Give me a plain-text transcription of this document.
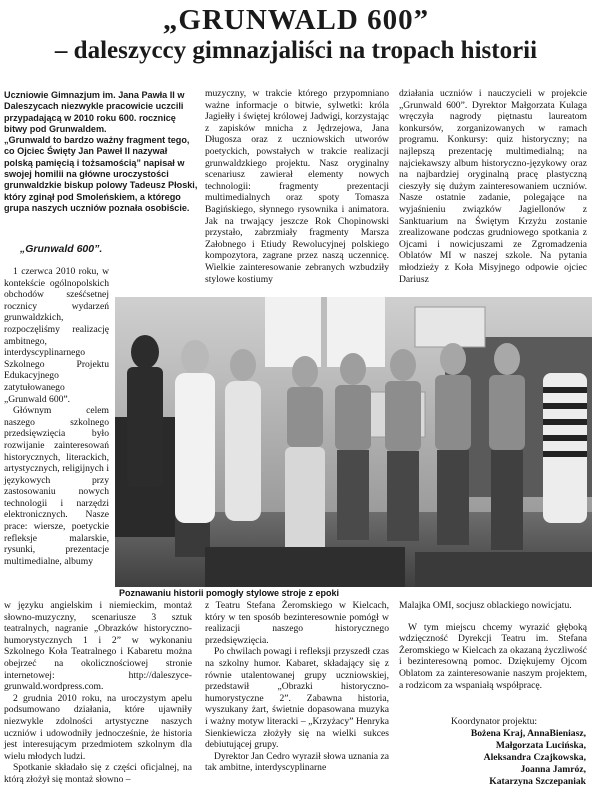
„GRUNWALD 600”

– daleszyccy gimnazjaliści na tropach historii

Uczniowie Gimnazjum im. Jana Pawła II w Daleszycach niezwykle pracowicie uczcili przypadającą w 2010 roku 600. rocznicę bitwy pod Grunwaldem.

„Grunwald to bardzo ważny fragment tego, co Ojciec Święty Jan Paweł II nazywał polską pamięcią i tożsamością” napisał w swojej homilii na główne uroczystości grunwaldzkie biskup polowy Tadeusz Płoski, który zginął pod Smoleńskiem, a którego grupa naszych uczniów poznała osobiście.

„Grunwald 600”.

1 czerwca 2010 roku, w kontekście ogólnopolskich obchodów sześćsetnej rocznicy wydarzeń grunwaldzkich, rozpoczęliśmy realizację ambitnego, interdyscyplinarnego Szkolnego Projektu Edukacyjnego zatytułowanego „Grunwald 600”.

Głównym celem naszego szkolnego przedsięwzięcia było rozwijanie zainteresowań historycznych, literackich, artystycznych, religijnych i językowych przy zastosowaniu nowych technologii i narzędzi elektronicznych. Nasze prace: wiersze, poetyckie refleksje malarskie, rysunki, prezentacje multimedialne, albumy

muzyczny, w trakcie którego przypomniano ważne informacje o bitwie, sylwetki: króla Jagiełły i świętej królowej Jadwigi, korzystając z zapisków mnicha z Jędrzejowa, Jana Długosza oraz z uczniowskich utworów poetyckich, powstałych w trakcie realizacji grunwaldzkiego projektu. Nasz oryginalny scenariusz zawierał elementy nowych technologii: fragmenty prezentacji multimedialnych oraz spoty Tomasza Bagińskiego, słynnego rysownika i animatora. Jak na trwający jeszcze Rok Chopinowski przystało, zabrzmiały fragmenty Marsza Załobnego i Etiudy Rewolucyjnej polskiego kompozytora, zagrane przez naszą uczennicę. Wielkie zainteresowanie zebranych wzbudziły stylowe kostiumy

działania uczniów i nauczycieli w projekcie „Grunwald 600”. Dyrektor Małgorzata Kulaga wręczyła nagrody piętnastu laureatom konkursów, zorganizowanych w ramach programu. Konkursy: quiz historyczny; na najlepszą prezentację multimedialną; na najciekawszy album historyczno-językowy oraz na najbardziej oryginalną pracę plastyczną cieszyły się dużym zainteresowaniem uczniów. Nasze ostatnie zadanie, polegające na wyjaśnieniu związków Jagiellonów z Sanktuarium na Świętym Krzyżu zostanie zrealizowane podczas grudniowego spotkania z Ojcami i nowicjuszami ze Zgromadzenia Oblatów MI w naszej szkole. Na pytania młodzieży z Koła Misyjnego odpowie ojciec Dariusz

Poznawaniu historii pomogły stylowe stroje z epoki

w języku angielskim i niemieckim, montaż słowno-muzyczny, scenariusze 3 sztuk teatralnych, nagranie „Obrazków historyczno-humorystycznych 1 i 2” w wykonaniu Szkolnego Koła Teatralnego i Kabaretu można obejrzeć na okolicznościowej stronie internetowej: http://daleszyce-grunwald.wordpress.com.

2 grudnia 2010 roku, na uroczystym apelu podsumowano działania, które ujawniły niezwykle zdolności artystyczne naszych uczniów i udowodniły jednocześnie, że historia jest interesującym przedmiotem szkolnym dla wielu młodych ludzi.

Spotkanie składało się z części oficjalnej, na którą złożył się montaż słowno –

z Teatru Stefana Żeromskiego w Kielcach, który w ten sposób bezinteresownie pomógł w realizacji naszego historycznego przedsięwzięcia.

Po chwilach powagi i refleksji przyszedł czas na szkolny humor. Kabaret, składający się z równie utalentowanej grupy uczniowskiej, przedstawił „Obrazki historyczno-humorystyczne 2”. Zabawna historia, wyszukany żart, świetnie dopasowana muzyka i ważny motyw literacki – „Krzyżacy” Henryka Sienkiewicza złożyły się na wielki sukces debiutującej grupy.

Dyrektor Jan Cedro wyraził słowa uznania za tak ambitne, interdyscyplinarne

Malajka OMI, socjusz oblackiego nowicjatu.

W tym miejscu chcemy wyrazić głęboką wdzięczność Dyrekcji Teatru im. Stefana Żeromskiego w Kielcach za okazaną życzliwość i bezinteresowną pomoc. Dziękujemy Ojcom Oblatom za zainteresowanie naszym projektem, a rodzicom za wspaniałą współpracę.

Koordynator projektu:
Bożena Kraj, AnnaBieniasz,
Małgorzata Lucińska,
Aleksandra Czajkowska,
Joanna Jamróz,
Katarzyna Szczepaniak
